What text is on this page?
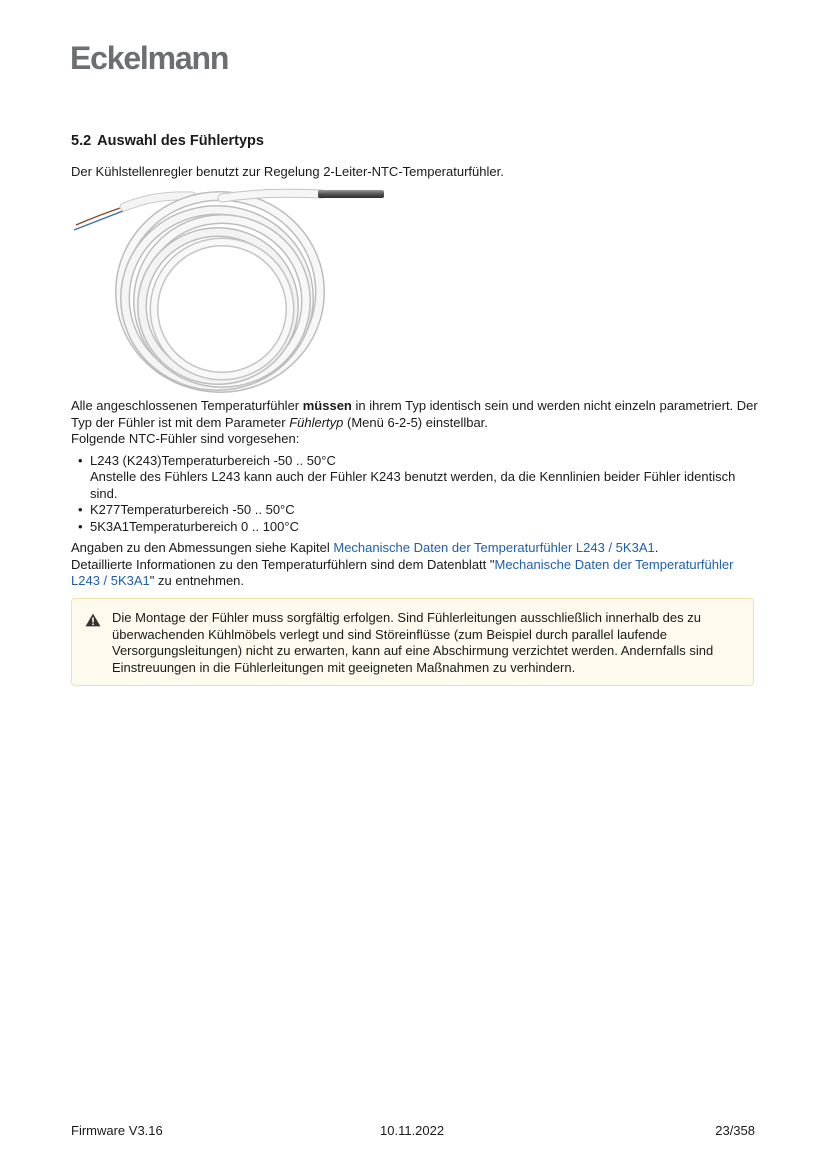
Eckelmann
5.2 Auswahl des Fühlertyps
Der Kühlstellenregler benutzt zur Regelung 2-Leiter-NTC-Temperaturfühler.

Alle angeschlossenen Temperaturfühler müssen in ihrem Typ identisch sein und werden nicht einzeln parametriert. Der Typ der Fühler ist mit dem Parameter Fühlertyp (Menü 6-2-5) einstellbar.

Folgende NTC-Fühler sind vorgesehen:

• L243 (K243)Temperaturbereich -50 .. 50°C
Anstelle des Fühlers L243 kann auch der Fühler K243 benutzt werden, da die Kennlinien beider Fühler identisch sind.
• K277Temperaturbereich -50 .. 50°C
• 5K3A1Temperaturbereich 0 .. 100°C

Angaben zu den Abmessungen siehe Kapitel Mechanische Daten der Temperaturfühler L243 / 5K3A1.

Detaillierte Informationen zu den Temperaturfühlern sind dem Datenblatt "Mechanische Daten der Temperaturfühler L243 / 5K3A1" zu entnehmen.

Die Montage der Fühler muss sorgfältig erfolgen. Sind Fühlerleitungen ausschließlich innerhalb des zu überwachenden Kühlmöbels verlegt und sind Störeinflüsse (zum Beispiel durch parallel laufende Versorgungsleitungen) nicht zu erwarten, kann auf eine Abschirmung verzichtet werden. Andernfalls sind Einstreuungen in die Fühlerleitungen mit geeigneten Maßnahmen zu verhindern.
Firmware V3.16	10.11.2022	23/358
